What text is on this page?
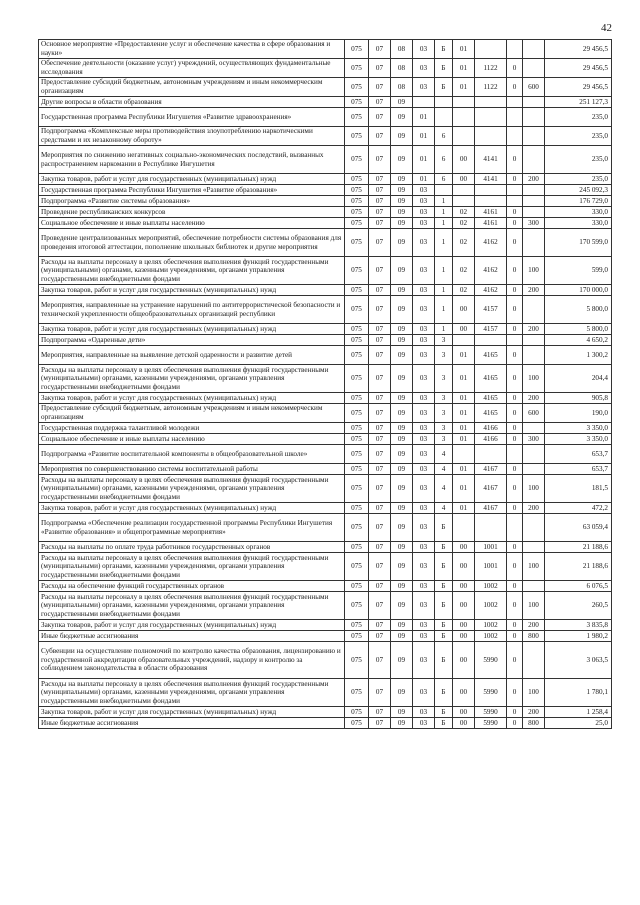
42
Основное мероприятие «Предоставление услуг и обеспечение качества в сфере образования и науки»	075	07	08	03	Б	01				29 456,5
Обеспечение деятельности (оказание услуг) учреждений, осуществляющих фундаментальные исследования	075	07	08	03	Б	01	1122	0		29 456,5
Предоставление субсидий бюджетным, автономным учреждениям и иным некоммерческим организациям	075	07	08	03	Б	01	1122	0	600	29 456,5
Другие вопросы в области образования	075	07	09							251 127,3
Государственная программа Республики Ингушетия «Развитие здравоохранения»	075	07	09	01						235,0
Подпрограмма «Комплексные меры противодействия злоупотреблению наркотическими средствами и их незаконному обороту»	075	07	09	01	6					235,0
Мероприятия по снижению негативных социально-экономических последствий, вызванных распространением наркомании в Республике Ингушетия	075	07	09	01	6	00	4141	0		235,0
Закупка товаров, работ и услуг для государственных (муниципальных) нужд	075	07	09	01	6	00	4141	0	200	235,0
Государственная программа Республики Ингушетия «Развитие образования»	075	07	09	03						245 092,3
Подпрограмма «Развитие системы образования»	075	07	09	03	1					176 729,0
Проведение республиканских конкурсов	075	07	09	03	1	02	4161	0		330,0
Социальное обеспечение и иные выплаты населению	075	07	09	03	1	02	4161	0	300	330,0
Проведение централизованных мероприятий, обеспечение потребности системы образования для проведения итоговой аттестации, пополнение школьных библиотек и другие мероприятия	075	07	09	03	1	02	4162	0		170 599,0
Расходы на выплаты персоналу в целях обеспечения выполнения функций государственными (муниципальными) органами, казенными учреждениями, органами управления государственными внебюджетными фондами	075	07	09	03	1	02	4162	0	100	599,0
Закупка товаров, работ и услуг для государственных (муниципальных) нужд	075	07	09	03	1	02	4162	0	200	170 000,0
Мероприятия, направленные на устранение нарушений по антитеррористической безопасности и технической укрепленности общеобразовательных организаций республики	075	07	09	03	1	00	4157	0		5 800,0
Закупка товаров, работ и услуг для государственных (муниципальных) нужд	075	07	09	03	1	00	4157	0	200	5 800,0
Подпрограмма «Одаренные дети»	075	07	09	03	3					4 650,2
Мероприятия, направленные на выявление детской одаренности и развитие детей	075	07	09	03	3	01	4165	0		1 300,2
Расходы на выплаты персоналу в целях обеспечения выполнения функций государственными (муниципальными) органами, казенными учреждениями, органами управления государственными внебюджетными фондами	075	07	09	03	3	01	4165	0	100	204,4
Закупка товаров, работ и услуг для государственных (муниципальных) нужд	075	07	09	03	3	01	4165	0	200	905,8
Предоставление субсидий бюджетным, автономным учреждениям и иным некоммерческим организациям	075	07	09	03	3	01	4165	0	600	190,0
Государственная поддержка талантливой молодежи	075	07	09	03	3	01	4166	0		3 350,0
Социальное обеспечение и иные выплаты населению	075	07	09	03	3	01	4166	0	300	3 350,0
Подпрограмма «Развитие воспитательной компоненты в общеобразовательной школе»	075	07	09	03	4					653,7
Мероприятия по совершенствованию системы воспитательной работы	075	07	09	03	4	01	4167	0		653,7
Расходы на выплаты персоналу в целях обеспечения выполнения функций государственными (муниципальными) органами, казенными учреждениями, органами управления государственными внебюджетными фондами	075	07	09	03	4	01	4167	0	100	181,5
Закупка товаров, работ и услуг для государственных (муниципальных) нужд	075	07	09	03	4	01	4167	0	200	472,2
Подпрограмма «Обеспечение реализации государственной программы Республики Ингушетия «Развитие образования» и общепрограммные мероприятия»	075	07	09	03	Б					63 059,4
Расходы на выплаты по оплате труда работников государственных органов	075	07	09	03	Б	00	1001	0		21 188,6
Расходы на выплаты персоналу в целях обеспечения выполнения функций государственными (муниципальными) органами, казенными учреждениями, органами управления государственными внебюджетными фондами	075	07	09	03	Б	00	1001	0	100	21 188,6
Расходы на обеспечение функций государственных органов	075	07	09	03	Б	00	1002	0		6 076,5
Расходы на выплаты персоналу в целях обеспечения выполнения функций государственными (муниципальными) органами, казенными учреждениями, органами управления государственными внебюджетными фондами	075	07	09	03	Б	00	1002	0	100	260,5
Закупка товаров, работ и услуг для государственных (муниципальных) нужд	075	07	09	03	Б	00	1002	0	200	3 835,8
Иные бюджетные ассигнования	075	07	09	03	Б	00	1002	0	800	1 980,2
Субвенции на осуществление полномочий по контролю качества образования, лицензированию и государственной аккредитации образовательных учреждений, надзору и контролю за соблюдением законодательства в области образования	075	07	09	03	Б	00	5990	0		3 063,5
Расходы на выплаты персоналу в целях обеспечения выполнения функций государственными (муниципальными) органами, казенными учреждениями, органами управления государственными внебюджетными фондами	075	07	09	03	Б	00	5990	0	100	1 780,1
Закупка товаров, работ и услуг для государственных (муниципальных) нужд	075	07	09	03	Б	00	5990	0	200	1 258,4
Иные бюджетные ассигнования	075	07	09	03	Б	00	5990	0	800	25,0
